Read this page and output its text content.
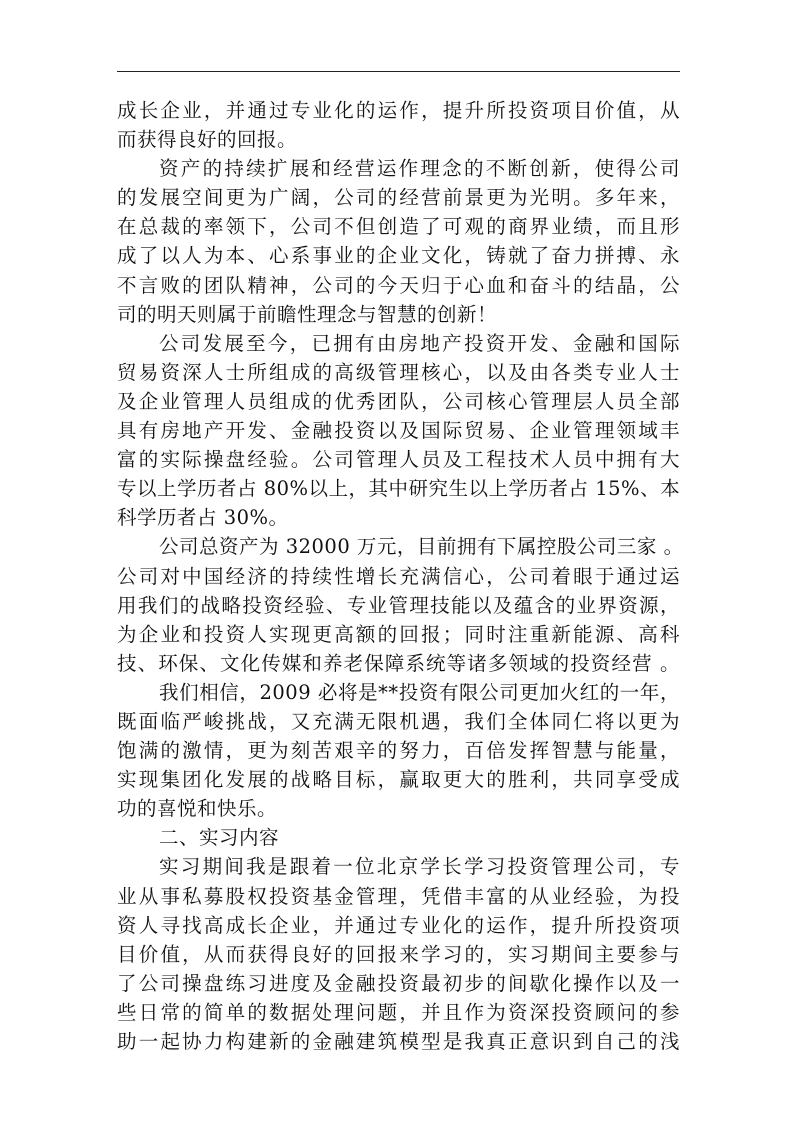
成长企业，并通过专业化的运作，提升所投资项目价值，从
而获得良好的回报。
资产的持续扩展和经营运作理念的不断创新，使得公司
的发展空间更为广阔，公司的经营前景更为光明。多年来，
在总裁的率领下，公司不但创造了可观的商界业绩，而且形
成了以人为本、心系事业的企业文化，铸就了奋力拼搏、永
不言败的团队精神，公司的今天归于心血和奋斗的结晶，公
司的明天则属于前瞻性理念与智慧的创新！
公司发展至今，已拥有由房地产投资开发、金融和国际
贸易资深人士所组成的高级管理核心，以及由各类专业人士
及企业管理人员组成的优秀团队，公司核心管理层人员全部
具有房地产开发、金融投资以及国际贸易、企业管理领域丰
富的实际操盘经验。公司管理人员及工程技术人员中拥有大
专以上学历者占 80%以上，其中研究生以上学历者占 15%、本
科学历者占 30%。
公司总资产为 32000 万元，目前拥有下属控股公司三家 。
公司对中国经济的持续性增长充满信心，公司着眼于通过运
用我们的战略投资经验、专业管理技能以及蕴含的业界资源，
为企业和投资人实现更高额的回报；同时注重新能源、高科
技、环保、文化传媒和养老保障系统等诸多领域的投资经营 。
我们相信，2009 必将是**投资有限公司更加火红的一年，
既面临严峻挑战，又充满无限机遇，我们全体同仁将以更为
饱满的激情，更为刻苦艰辛的努力，百倍发挥智慧与能量，
实现集团化发展的战略目标，赢取更大的胜利，共同享受成
功的喜悦和快乐。
二、实习内容
实习期间我是跟着一位北京学长学习投资管理公司，专
业从事私募股权投资基金管理，凭借丰富的从业经验，为投
资人寻找高成长企业，并通过专业化的运作，提升所投资项
目价值，从而获得良好的回报来学习的，实习期间主要参与
了公司操盘练习进度及金融投资最初步的间歇化操作以及一
些日常的简单的数据处理问题，并且作为资深投资顾问的参
助一起协力构建新的金融建筑模型是我真正意识到自己的浅
